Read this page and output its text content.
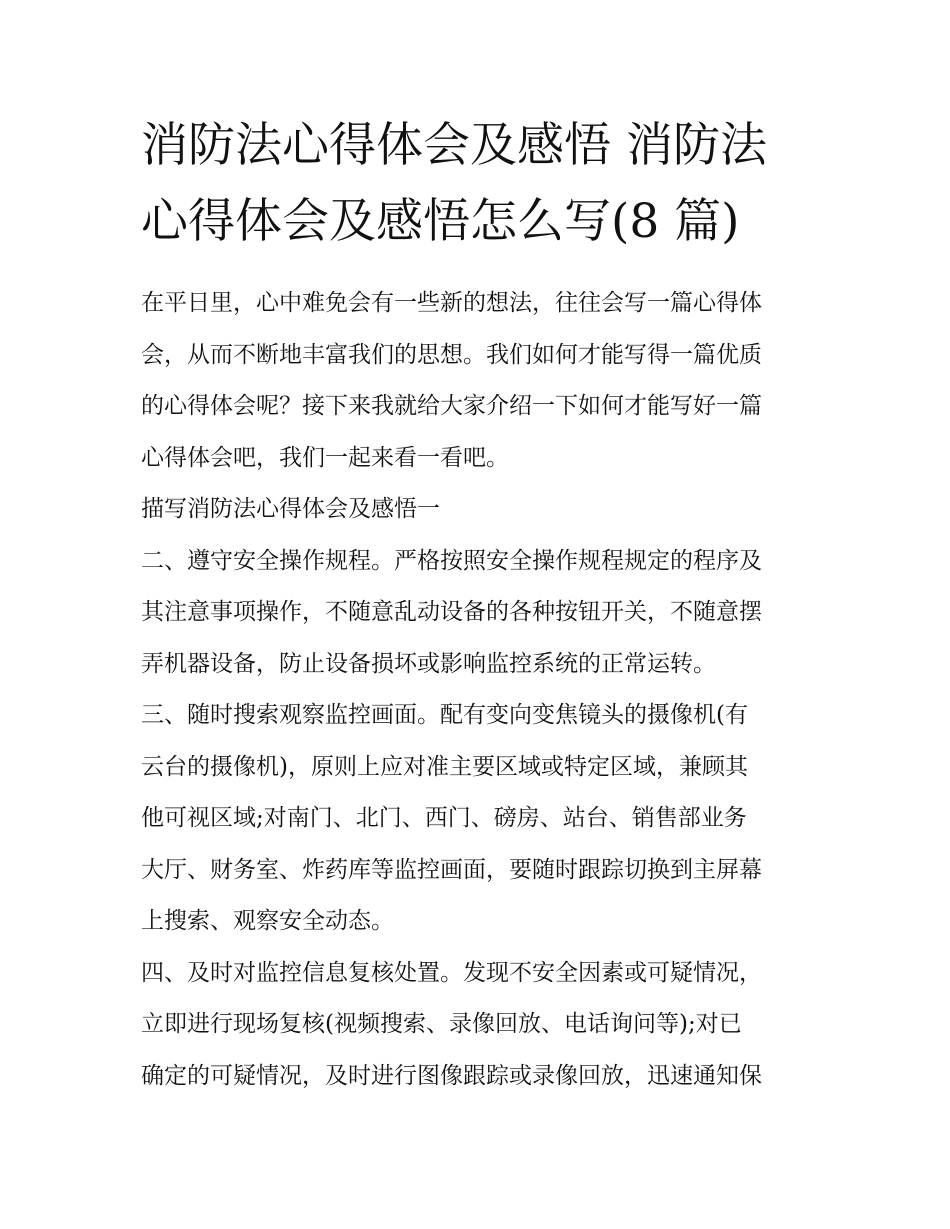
消防法心得体会及感悟 消防法
心得体会及感悟怎么写(8 篇)
在平日里，心中难免会有一些新的想法，往往会写一篇心得体
会，从而不断地丰富我们的思想。我们如何才能写得一篇优质
的心得体会呢？接下来我就给大家介绍一下如何才能写好一篇
心得体会吧，我们一起来看一看吧。
描写消防法心得体会及感悟一
二、遵守安全操作规程。严格按照安全操作规程规定的程序及
其注意事项操作，不随意乱动设备的各种按钮开关，不随意摆
弄机器设备，防止设备损坏或影响监控系统的正常运转。
三、随时搜索观察监控画面。配有变向变焦镜头的摄像机(有
云台的摄像机)，原则上应对准主要区域或特定区域，兼顾其
他可视区域;对南门、北门、西门、磅房、站台、销售部业务
大厅、财务室、炸药库等监控画面，要随时跟踪切换到主屏幕
上搜索、观察安全动态。
四、及时对监控信息复核处置。发现不安全因素或可疑情况，
立即进行现场复核(视频搜索、录像回放、电话询问等);对已
确定的可疑情况，及时进行图像跟踪或录像回放，迅速通知保
